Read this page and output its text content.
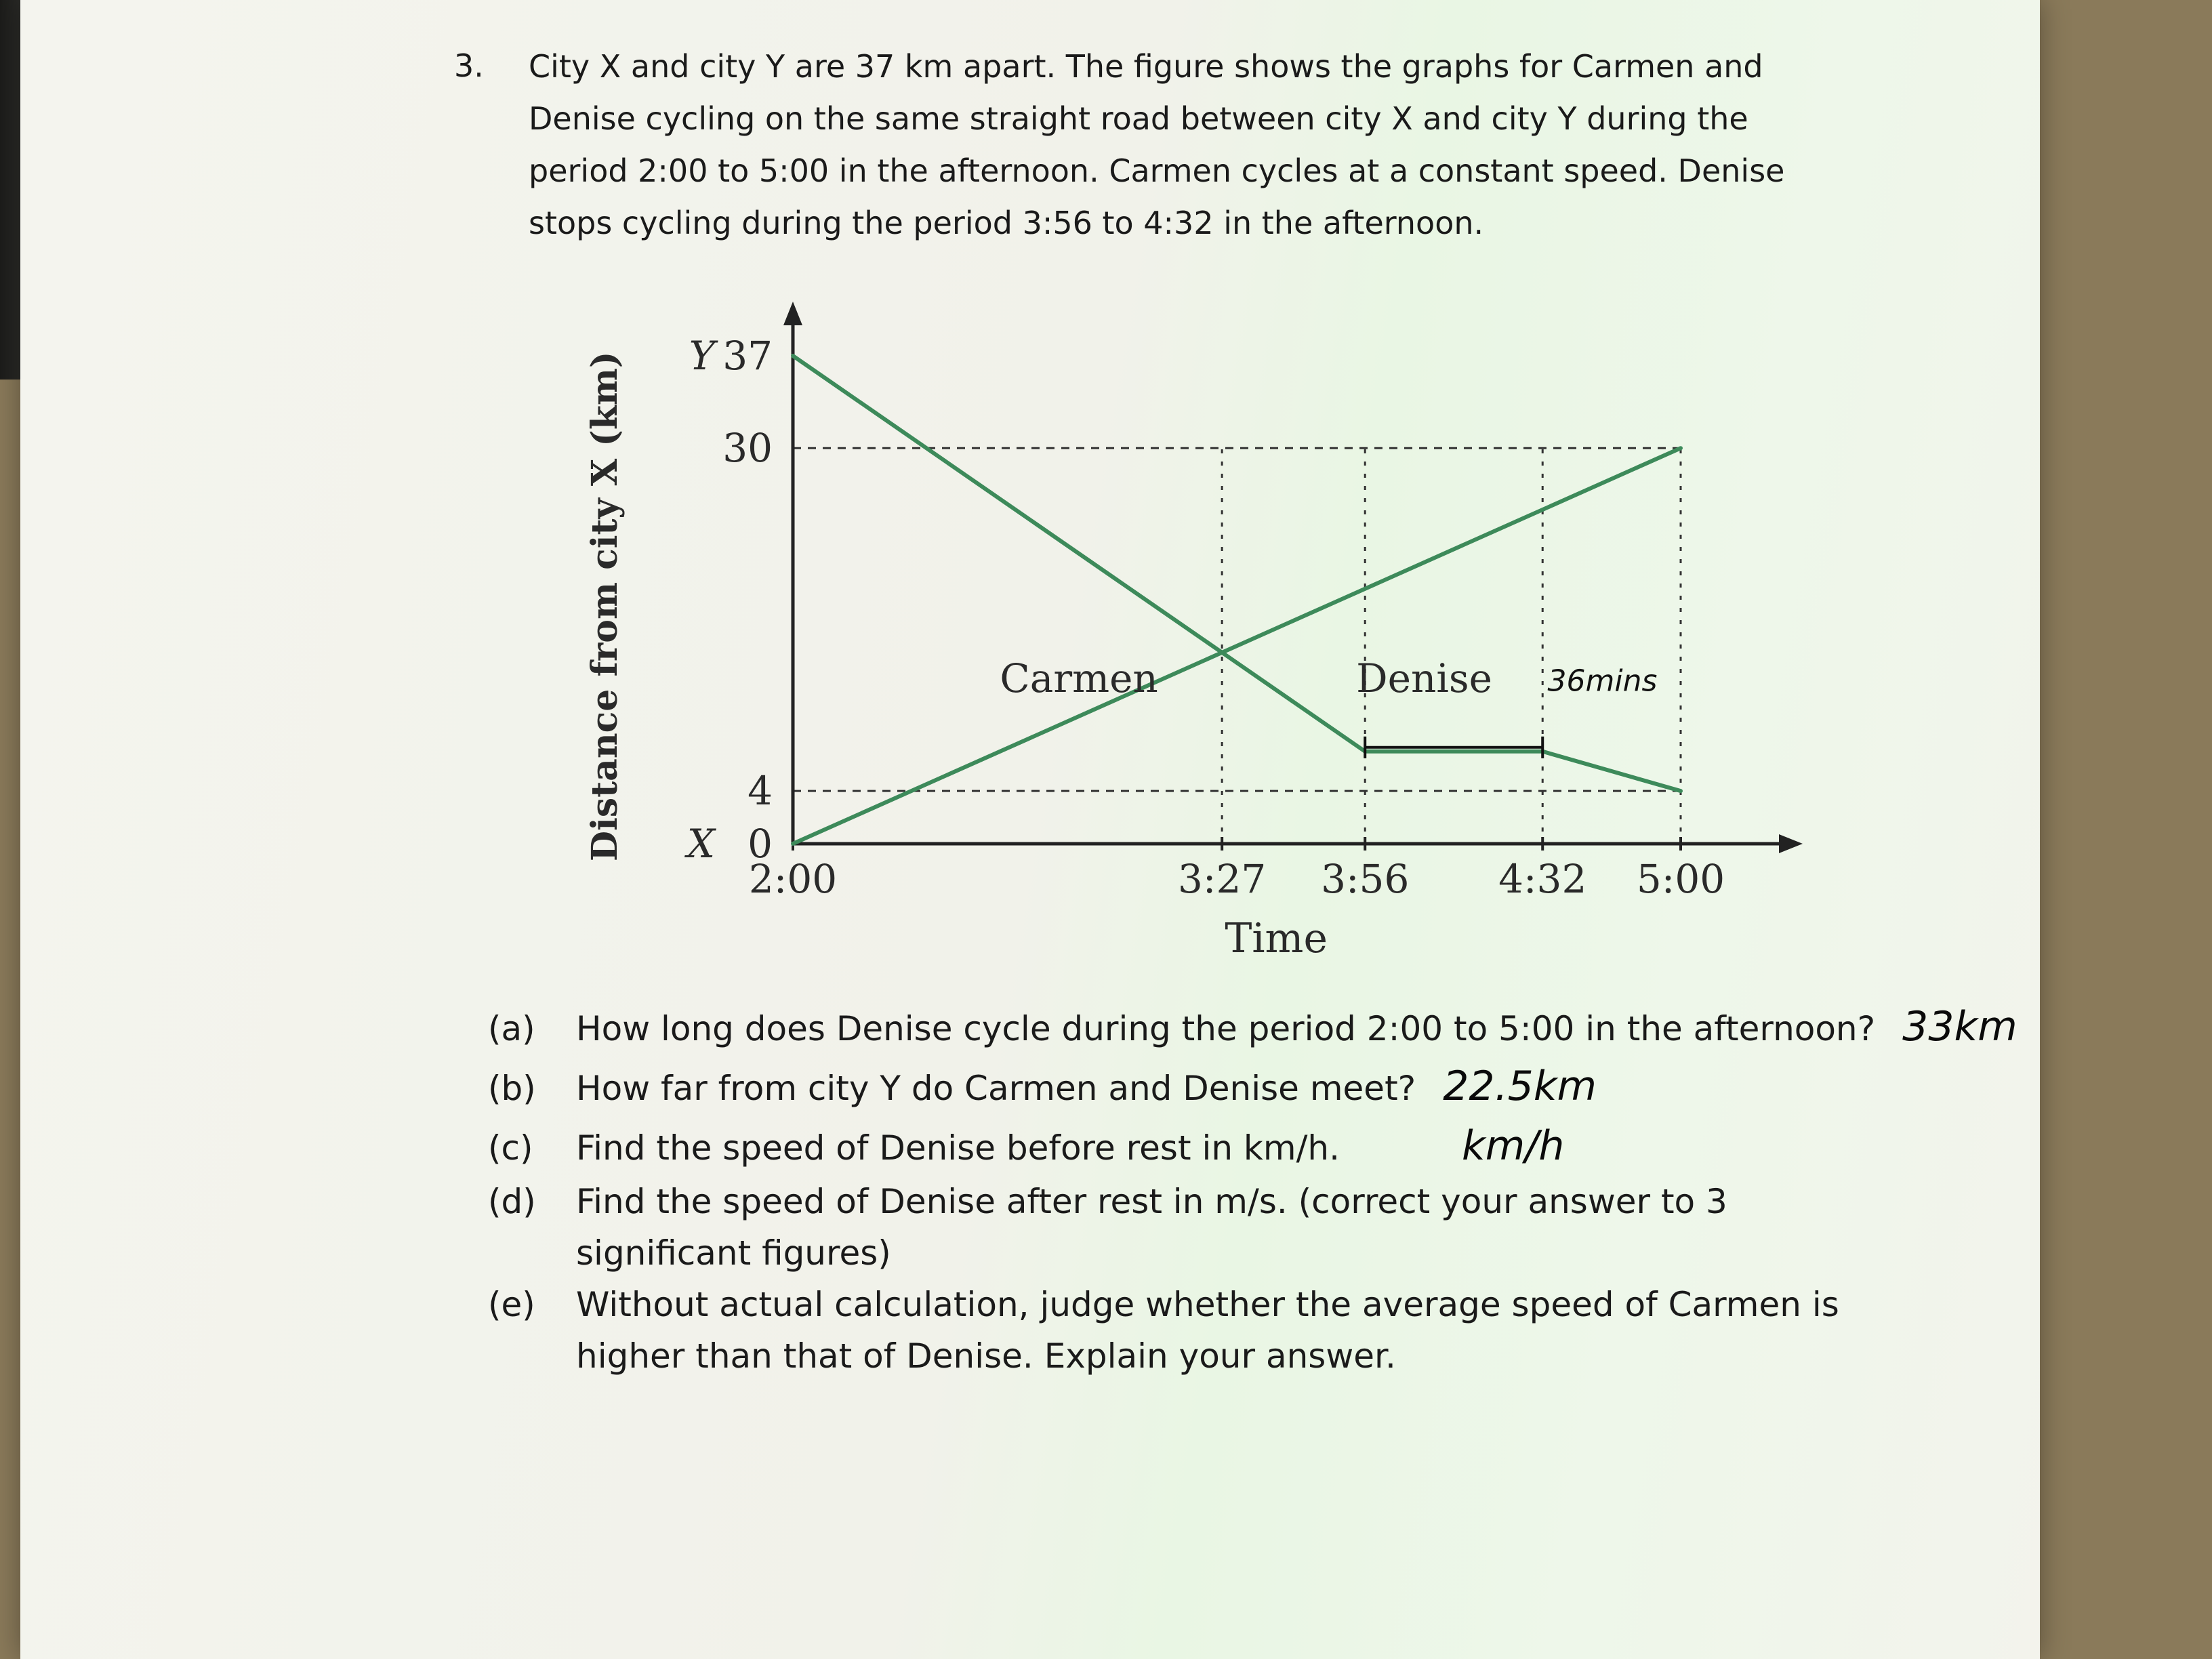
3. City X and city Y are 37 km apart. The figure shows the graphs for Carmen and
Denise cycling on the same straight road between city X and city Y during the
period 2:00 to 5:00 in the afternoon. Carmen cycles at a constant speed. Denise
stops cycling during the period 3:56 to 4:32 in the afternoon.
2:00	3:27 3:56 4:32 5:00
0
4
30
37
Y
X
Time
Distance from city X (km)	Carmen	Denise 36mins
(a)	How long does Denise cycle during the period 2:00 to 5:00 in the afternoon? 33km
(b)	How far from city Y do Carmen and Denise meet? 22.5km
(c)	Find the speed of Denise before rest in km/h.	km/h
(d)	Find the speed of Denise after rest in m/s. (correct your answer to 3
significant figures)
(e)	Without actual calculation, judge whether the average speed of Carmen is
higher than that of Denise. Explain your answer.
